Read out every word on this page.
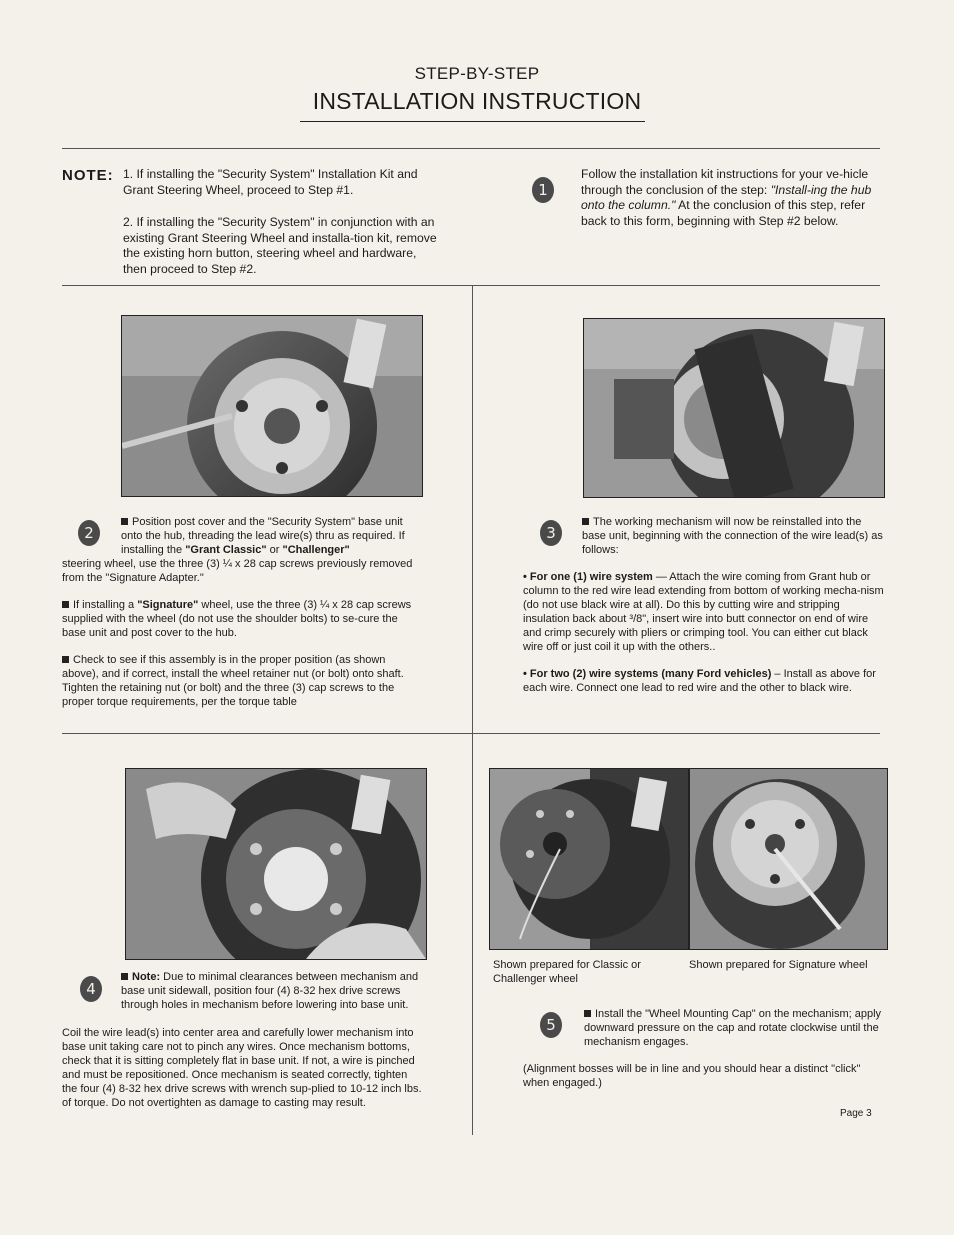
STEP-BY-STEP
INSTALLATION INSTRUCTION
NOTE: 1. If installing the "Security System" Installation Kit and Grant Steering Wheel, proceed to Step #1.
2. If installing the "Security System" in conjunction with an existing Grant Steering Wheel and installa-tion kit, remove the existing horn button, steering wheel and hardware, then proceed to Step #2.
1
Follow the installation kit instructions for your ve-hicle through the conclusion of the step: "Install-ing the hub onto the column." At the conclusion of this step, refer back to this form, beginning with Step #2 below.
2
Position post cover and the "Security System" base unit onto the hub, threading the lead wire(s) thru as required. If installing the "Grant Classic" or "Challenger"
steering wheel, use the three (3) ¼ x 28 cap screws previously removed from the "Signature Adapter."
If installing a "Signature" wheel, use the three (3) ¼ x 28 cap screws supplied with the wheel (do not use the shoulder bolts) to se-cure the base unit and post cover to the hub.
Check to see if this assembly is in the proper position (as shown above), and if correct, install the wheel retainer nut (or bolt) onto shaft. Tighten the retaining nut (or bolt) and the three (3) cap screws to the proper torque requirements, per the torque table
3
The working mechanism will now be reinstalled into the base unit, beginning with the connection of the wire lead(s) as follows:
• For one (1) wire system — Attach the wire coming from Grant hub or column to the red wire lead extending from bottom of working mecha-nism (do not use black wire at all). Do this by cutting wire and stripping insulation back about ³/8", insert wire into butt connector on end of wire and crimp securely with pliers or crimping tool. You can either cut black wire off or just coil it up with the others..
• For two (2) wire systems (many Ford vehicles) – Install as above for each wire. Connect one lead to red wire and the other to black wire.
Shown prepared for Classic or Challenger wheel
Shown prepared for Signature wheel
5
Install the "Wheel Mounting Cap" on the mechanism; apply downward pressure on the cap and rotate clockwise until the mechanism engages.
(Alignment bosses will be in line and you should hear a distinct "click" when engaged.)
4
Note: Due to minimal clearances between mechanism and base unit sidewall, position four (4) 8-32 hex drive screws through holes in mechanism before lowering into base unit.
Coil the wire lead(s) into center area and carefully lower mechanism into base unit taking care not to pinch any wires. Once mechanism bottoms, check that it is sitting completely flat in base unit. If not, a wire is pinched and must be repositioned. Once mechanism is seated correctly, tighten the four (4) 8-32 hex drive screws with wrench sup-plied to 10-12 inch lbs. of torque. Do not overtighten as damage to casting may result.
Page 3
